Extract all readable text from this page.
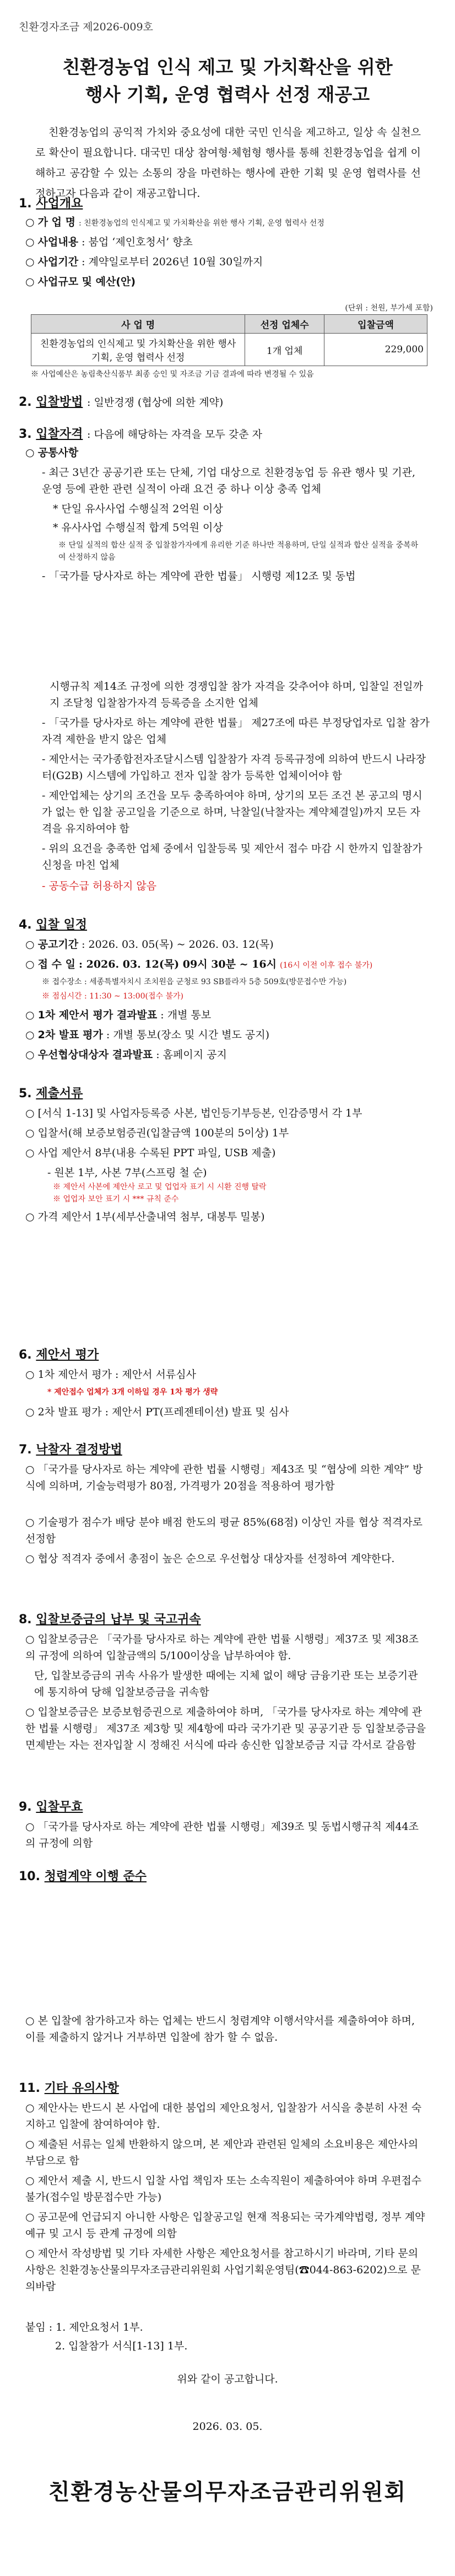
친환경자조금 제2026-009호
친환경농업 인식 제고 및 가치확산을 위한
행사 기획, 운영 협력사 선정 재공고
친환경농업의 공익적 가치와 중요성에 대한 국민 인식을 제고하고, 일상 속 실천으로 확산이 필요합니다. 대국민 대상 참여형·체험형 행사를 통해 친환경농업을 쉽게 이해하고 공감할 수 있는 소통의 장을 마련하는 행사에 관한 기획 및 운영 협력사를 선정하고자 다음과 같이 재공고합니다.
1. 사업개요
○ 가 업 명 : 친환경농업의 인식제고 및 가치확산을 위한 행사 기획, 운영 협력사 선정
○ 사업내용 : 붐업 ‘제인호청서’ 향초
○ 사업기간 : 계약일로부터 2026년 10월 30일까지
○ 사업규모 및 예산(안)
(단위 : 천원, 부가세 포함)
사 업 명	선정 업체수	입찰금액
친환경농업의 인식제고 및 가치확산을 위한 행사 기획, 운영 협력사 선정	1개 업체	229,000
※ 사업예산은 농림축산식품부 최종 승인 및 자조금 기금 결과에 따라 변경될 수 있음
2. 입찰방법 : 일반경쟁 (협상에 의한 계약)
3. 입찰자격 : 다음에 해당하는 자격을 모두 갖춘 자
○ 공통사항
- 최근 3년간 공공기관 또는 단체, 기업 대상으로 친환경농업 등 유관 행사 및 기관, 운영 등에 관한 관련 실적이 아래 요건 중 하나 이상 충족 업체
* 단일 유사사업 수행실적 2억원 이상
* 유사사업 수행실적 합계 5억원 이상
※ 단일 실적의 합산 실적 중 입찰참가자에게 유리한 기준 하나만 적용하며, 단일 실적과 합산 실적을 중복하여 산정하지 않음
- 「국가를 당사자로 하는 계약에 관한 법률」 시행령 제12조 및 동법
시행규칙 제14조 규정에 의한 경쟁입찰 참가 자격을 갖추어야 하며, 입찰일 전일까지 조달청 입찰참가자격 등록증을 소지한 업체
- 「국가를 당사자로 하는 계약에 관한 법률」 제27조에 따른 부정당업자로 입찰 참가 자격 제한을 받지 않은 업체
- 제안서는 국가종합전자조달시스템 입찰참가 자격 등록규정에 의하여 반드시 나라장터(G2B) 시스템에 가입하고 전자 입찰 참가 등록한 업체이어야 함
- 제안업체는 상기의 조건을 모두 충족하여야 하며, 상기의 모든 조건 본 공고의 명시가 없는 한 입찰 공고일을 기준으로 하며, 낙찰일(낙찰자는 계약체결일)까지 모든 자격을 유지하여야 함
- 위의 요건을 충족한 업체 중에서 입찰등록 및 제안서 접수 마감 시 한까지 입찰참가 신청을 마친 업체
- 공동수급 허용하지 않음
4. 입찰 일정
○ 공고기간 : 2026. 03. 05(목) ~ 2026. 03. 12(목)
○ 접 수 일 : 2026. 03. 12(목) 09시 30분 ~ 16시 (16시 이전 이후 접수 불가)
※ 접수장소 : 세종특별자치시 조치원읍 군청로 93 SB플라자 5층 509호(방문접수만 가능)
※ 점심시간 : 11:30 ~ 13:00(접수 불가)
○ 1차 제안서 평가 결과발표 : 개별 통보
○ 2차 발표 평가 : 개별 통보(장소 및 시간 별도 공지)
○ 우선협상대상자 결과발표 : 홈페이지 공지
5. 제출서류
○ [서식 1-13] 및 사업자등록증 사본, 법인등기부등본, 인감증명서 각 1부
○ 입찰서(해 보증보험증권(입찰금액 100분의 5이상) 1부
○ 사업 제안서 8부(내용 수록된 PPT 파일, USB 제출)
- 원본 1부, 사본 7부(스프링 철 순)
※ 제안서 사본에 제안사 로고 및 업업자 표기 시 시환 진행 탈락
※ 업업자 보안 표기 시 *** 규칙 준수
○ 가격 제안서 1부(세부산출내역 첨부, 대봉투 밀봉)
6. 제안서 평가
○ 1차 제안서 평가 : 제안서 서류심사
* 제안접수 업체가 3개 이하일 경우 1차 평가 생략
○ 2차 발표 평가 : 제안서 PT(프레젠테이션) 발표 및 심사
7. 낙찰자 결정방법
○ 「국가를 당사자로 하는 계약에 관한 법률 시행령」제43조 및 “협상에 의한 계약” 방식에 의하며, 기술능력평가 80점, 가격평가 20점을 적용하여 평가함
○ 기술평가 점수가 배당 분야 배점 한도의 평균 85%(68점) 이상인 자를 협상 적격자로 선정함
○ 협상 적격자 중에서 총점이 높은 순으로 우선협상 대상자를 선정하여 계약한다.
8. 입찰보증금의 납부 및 국고귀속
○ 입찰보증금은 「국가를 당사자로 하는 계약에 관한 법률 시행령」제37조 및 제38조의 규정에 의하여 입찰금액의 5/100이상을 납부하여야 함.
단, 입찰보증금의 귀속 사유가 발생한 때에는 지체 없이 해당 금융기관 또는 보증기관에 통지하여 당해 입찰보증금을 귀속함
○ 입찰보증금은 보증보험증권으로 제출하여야 하며, 「국가를 당사자로 하는 계약에 관한 법률 시행령」 제37조 제3항 및 제4항에 따라 국가기관 및 공공기관 등 입찰보증금을 면제받는 자는 전자입찰 시 정해진 서식에 따라 송신한 입찰보증금 지급 각서로 갈음함
9. 입찰무효
○ 「국가를 당사자로 하는 계약에 관한 법률 시행령」제39조 및 동법시행규칙 제44조의 규정에 의함
10. 청렴계약 이행 준수
○ 본 입찰에 참가하고자 하는 업체는 반드시 청렴계약 이행서약서를 제출하여야 하며, 이를 제출하지 않거나 거부하면 입찰에 참가 할 수 없음.
11. 기타 유의사항
○ 제안사는 반드시 본 사업에 대한 붐업의 제안요청서, 입찰참가 서식을 충분히 사전 숙지하고 입찰에 참여하여야 함.
○ 제출된 서류는 일체 반환하지 않으며, 본 제안과 관련된 일체의 소요비용은 제안사의 부담으로 함
○ 제안서 제출 시, 반드시 입찰 사업 책임자 또는 소속직원이 제출하여야 하며 우편접수 불가(접수일 방문접수만 가능)
○ 공고문에 언급되지 아니한 사항은 입찰공고일 현재 적용되는 국가계약법령, 정부 계약예규 및 고시 등 관계 규정에 의함
○ 제안서 작성방법 및 기타 자세한 사항은 제안요청서를 참고하시기 바라며, 기타 문의사항은 친환경농산물의무자조금관리위원회 사업기획운영팀(☎044-863-6202)으로 문의바람
붙임 : 1. 제안요청서 1부.
2. 입찰참가 서식[1-13] 1부.
위와 같이 공고합니다.
2026. 03. 05.
친환경농산물의무자조금관리위원회
